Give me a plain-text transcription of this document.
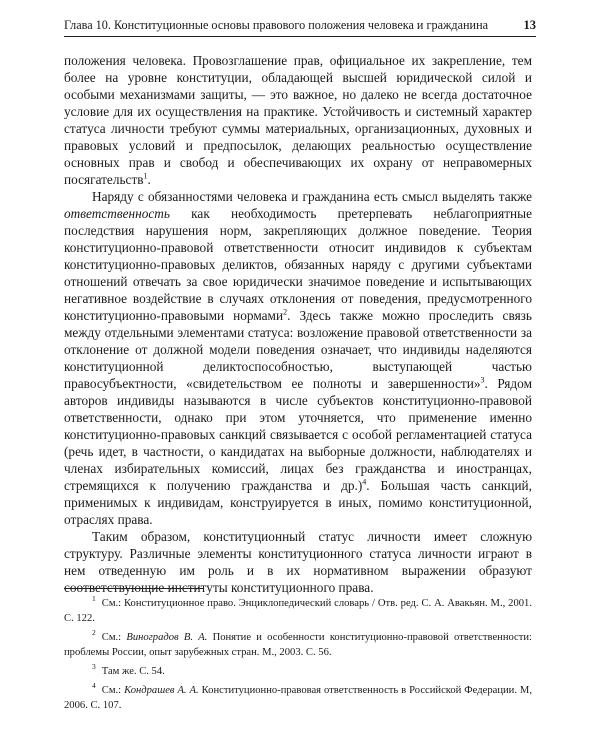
Глава 10. Конституционные основы правового положения человека и гражданина	13

положения человека. Провозглашение прав, официальное их закрепление, тем более на уровне конституции, обладающей высшей юридической силой и особыми механизмами защиты, — это важное, но далеко не всегда достаточное условие для их осуществления на практике. Устойчивость и системный характер статуса личности требуют суммы материальных, организационных, духовных и правовых условий и предпосылок, делающих реальностью осуществление основных прав и свобод и обеспечивающих их охрану от неправомерных посягательств$^1$.

Наряду с обязанностями человека и гражданина есть смысл выделять также ответственность как необходимость претерпевать неблагоприятные последствия нарушения норм, закрепляющих должное поведение. Теория конституционно-правовой ответственности относит индивидов к субъектам конституционно-правовых деликтов, обязанных наряду с другими субъектами отношений отвечать за свое юридически значимое поведение и испытывающих негативное воздействие в случаях отклонения от поведения, предусмотренного конституционно-правовыми нормами$^2$. Здесь также можно проследить связь между отдельными элементами статуса: возложение правовой ответственности за отклонение от должной модели поведения означает, что индивиды наделяются конституционной деликтоспособностью, выступающей частью правосубъектности, «свидетельством ее полноты и завершенности»$^3$. Рядом авторов индивиды называются в числе субъектов конституционно-правовой ответственности, однако при этом уточняется, что применение именно конституционно-правовых санкций связывается с особой регламентацией статуса (речь идет, в частности, о кандидатах на выборные должности, наблюдателях и членах избирательных комиссий, лицах без гражданства и иностранцах, стремящихся к получению гражданства и др.)$^4$. Большая часть санкций, применимых к индивидам, конструируется в иных, помимо конституционной, отраслях права.

Таким образом, конституционный статус личности имеет сложную структуру. Различные элементы конституционного статуса личности играют в нем отведенную им роль и в их нормативном выражении образуют соответствующие институты конституционного права.

$^1$ См.: Конституционное право. Энциклопедический словарь / Отв. ред. С. А. Авакьян. М., 2001. С. 122.

$^2$ См.: Виноградов В. А. Понятие и особенности конституционно-правовой ответственности: проблемы России, опыт зарубежных стран. М., 2003. С. 56.

$^3$ Там же. С. 54.

$^4$ См.: Кондрашев А. А. Конституционно-правовая ответственность в Российской Федерации. М, 2006. С. 107.
